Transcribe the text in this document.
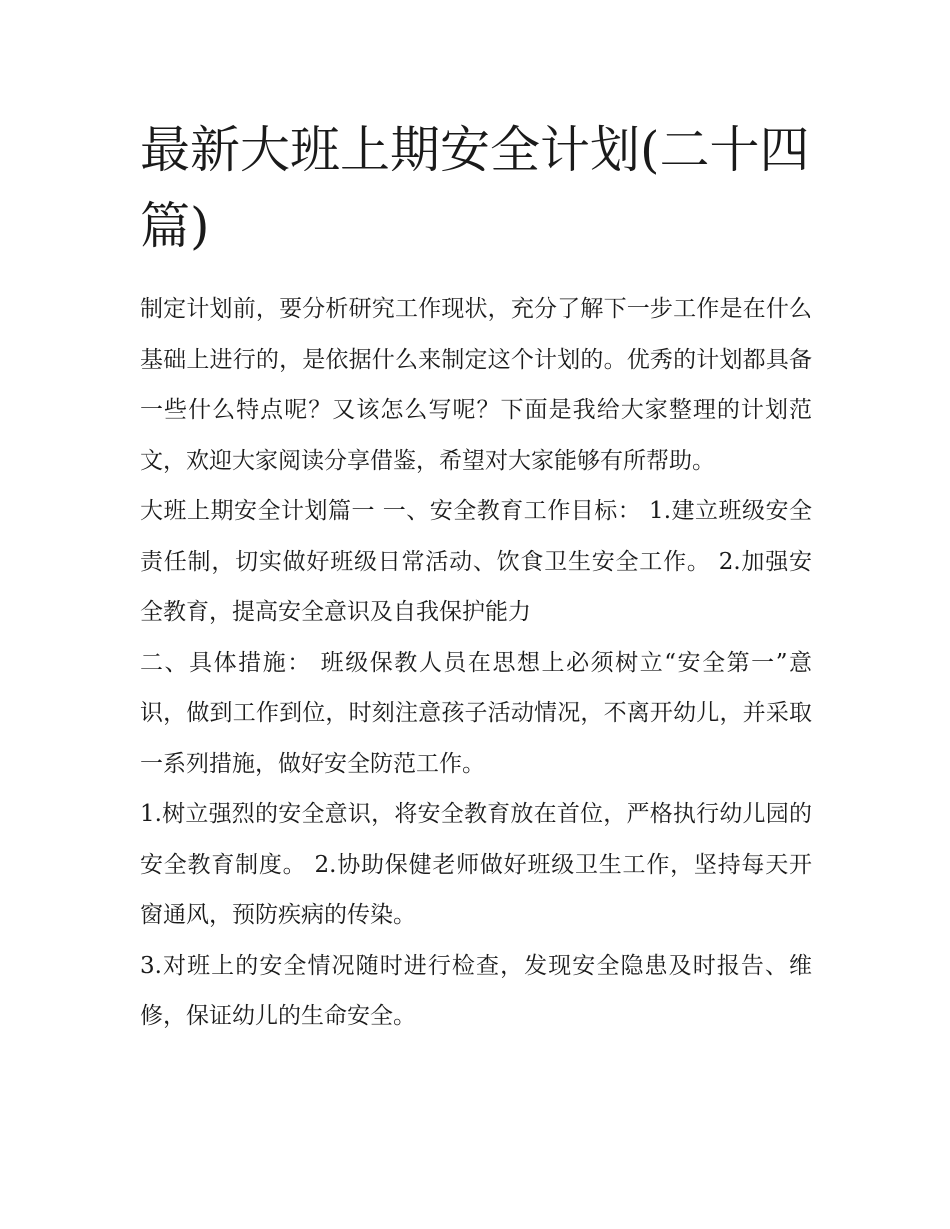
最新大班上期安全计划(二十四篇)

制定计划前，要分析研究工作现状，充分了解下一步工作是在什么基础上进行的，是依据什么来制定这个计划的。优秀的计划都具备一些什么特点呢？又该怎么写呢？下面是我给大家整理的计划范文，欢迎大家阅读分享借鉴，希望对大家能够有所帮助。

大班上期安全计划篇一 一、安全教育工作目标： 1.建立班级安全责任制，切实做好班级日常活动、饮食卫生安全工作。 2.加强安全教育，提高安全意识及自我保护能力

二、具体措施： 班级保教人员在思想上必须树立“安全第一”意识，做到工作到位，时刻注意孩子活动情况，不离开幼儿，并采取一系列措施，做好安全防范工作。

1.树立强烈的安全意识，将安全教育放在首位，严格执行幼儿园的安全教育制度。 2.协助保健老师做好班级卫生工作，坚持每天开窗通风，预防疾病的传染。

3.对班上的安全情况随时进行检查，发现安全隐患及时报告、维修，保证幼儿的生命安全。
